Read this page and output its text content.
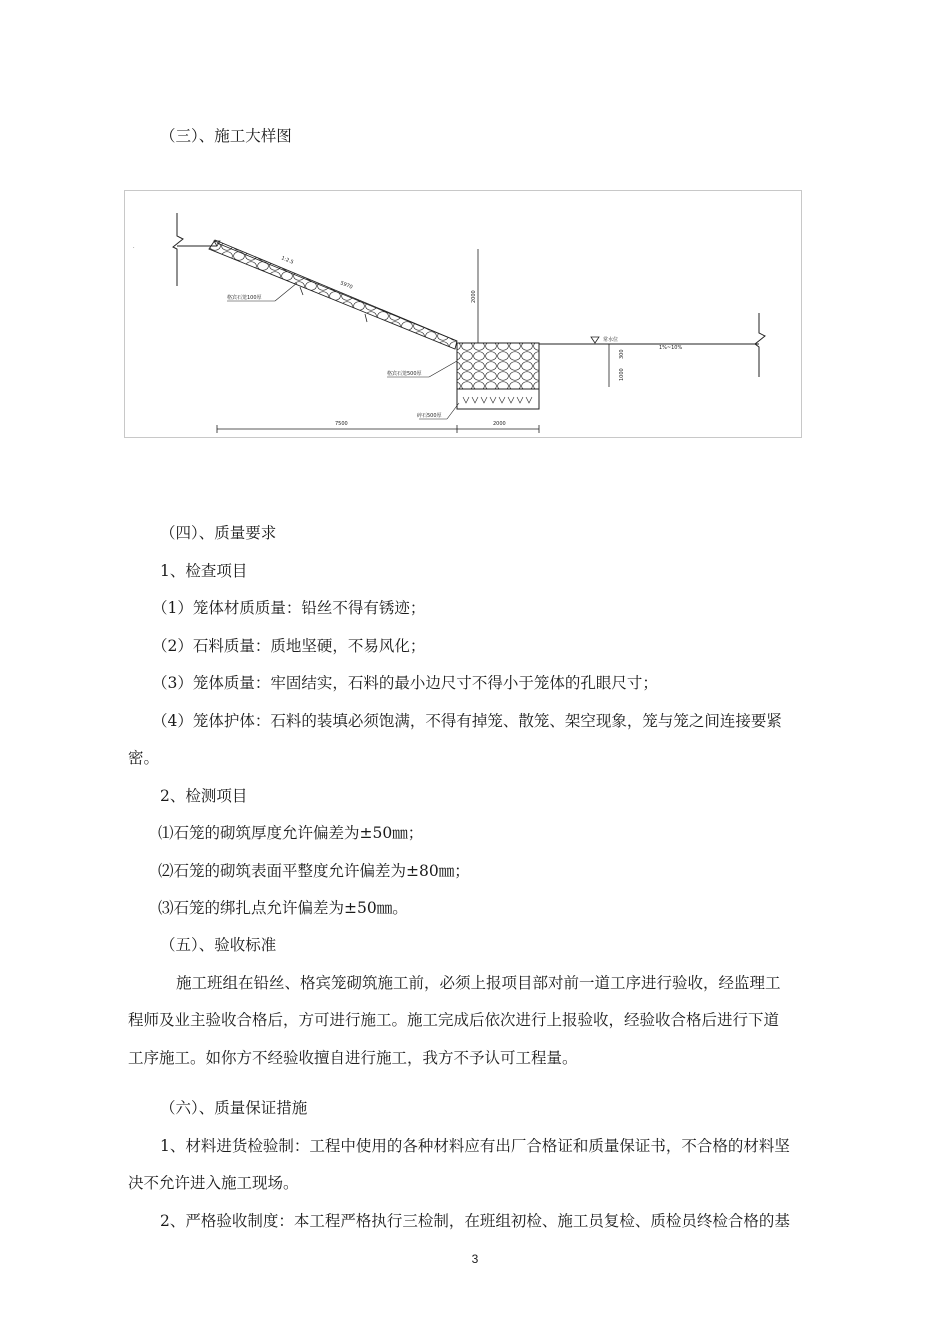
（三）、施工大样图
.
1:2.5
5970
格宾石笼100厚
格宾石笼500厚
碎石500厚
2000
常水位
1%~10%
300
1000
7500	2000
（四）、质量要求
1、检查项目
（1）笼体材质质量：铅丝不得有锈迹；
（2）石料质量：质地坚硬，不易风化；
（3）笼体质量：牢固结实，石料的最小边尺寸不得小于笼体的孔眼尺寸；
（4）笼体护体：石料的装填必须饱满，不得有掉笼、散笼、架空现象，笼与笼之间连接要紧
密。
2、检测项目
⑴石笼的砌筑厚度允许偏差为±50㎜；
⑵石笼的砌筑表面平整度允许偏差为±80㎜；
⑶石笼的绑扎点允许偏差为±50㎜。
（五）、验收标准
施工班组在铅丝、格宾笼砌筑施工前，必须上报项目部对前一道工序进行验收，经监理工
程师及业主验收合格后，方可进行施工。施工完成后依次进行上报验收，经验收合格后进行下道
工序施工。如你方不经验收擅自进行施工，我方不予认可工程量。
（六）、质量保证措施
1、材料进货检验制：工程中使用的各种材料应有出厂合格证和质量保证书，不合格的材料坚
决不允许进入施工现场。
2、严格验收制度：本工程严格执行三检制，在班组初检、施工员复检、质检员终检合格的基
3
